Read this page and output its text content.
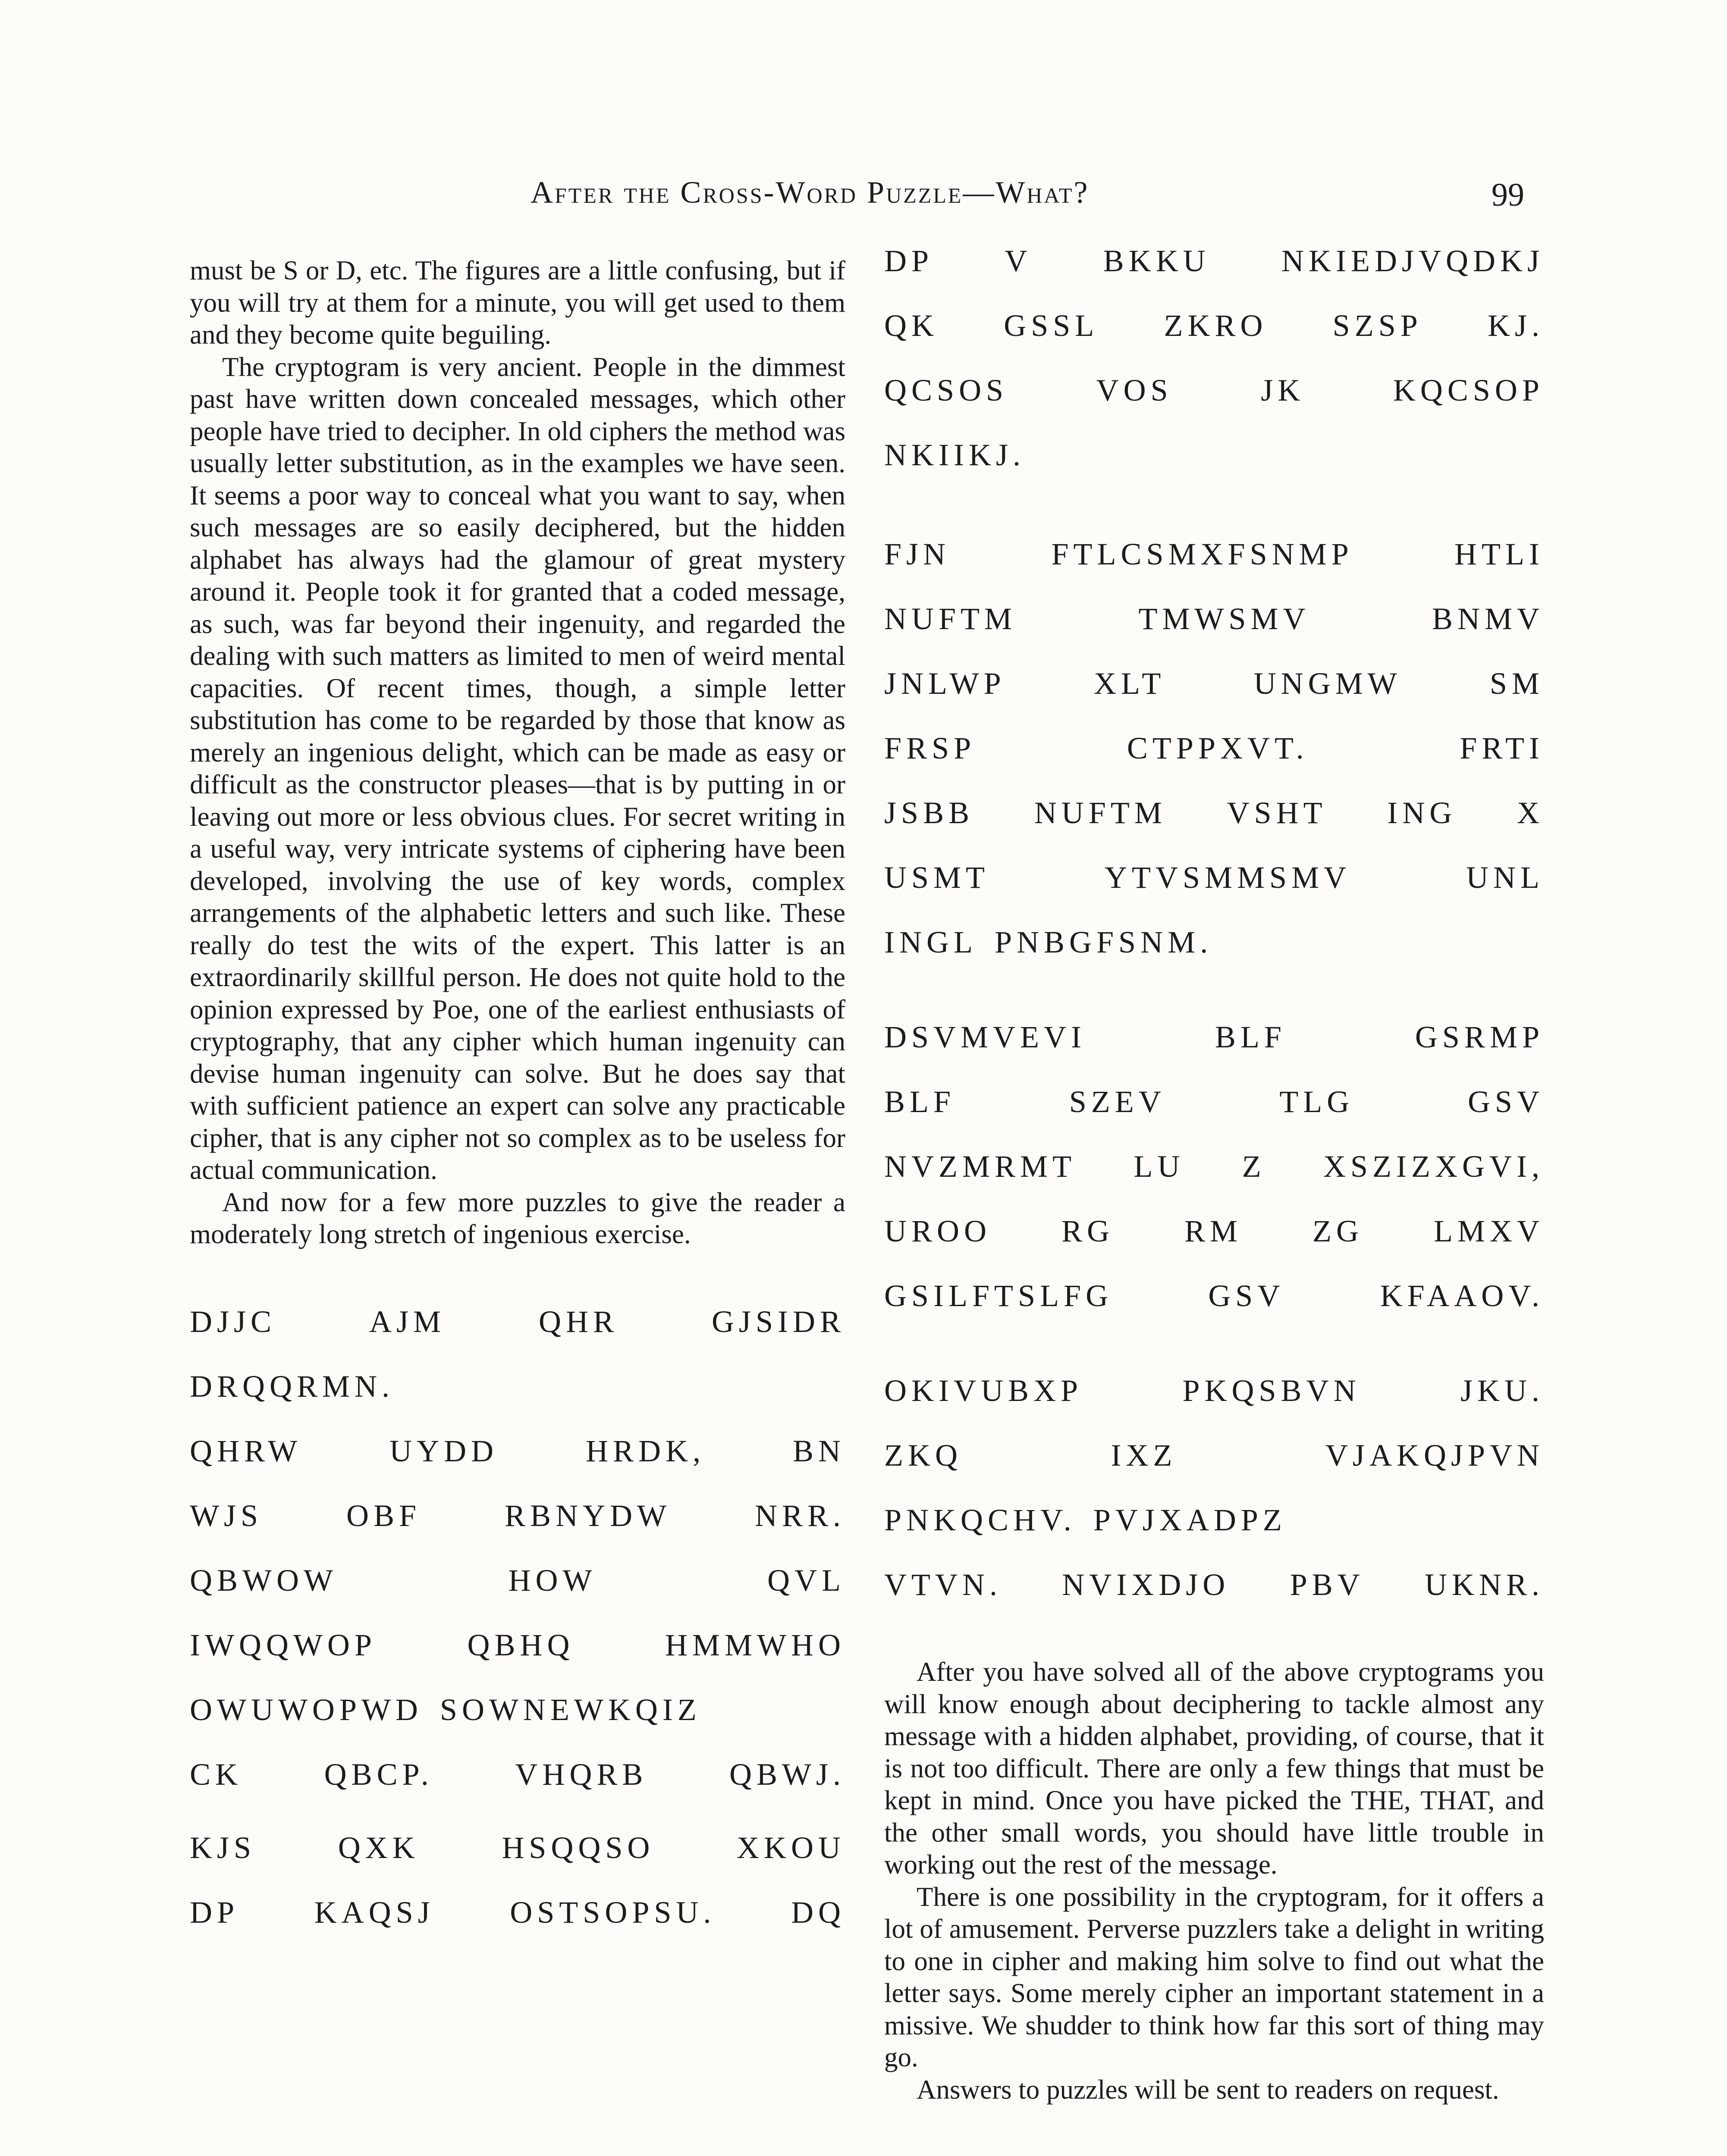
After the Cross-Word Puzzle—What?	99

must be S or D, etc. The figures are a little confusing, but if you will try at them for a minute, you will get used to them and they become quite beguiling.

The cryptogram is very ancient. People in the dimmest past have written down concealed messages, which other people have tried to decipher. In old ciphers the method was usually letter substitution, as in the examples we have seen. It seems a poor way to conceal what you want to say, when such messages are so easily deciphered, but the hidden alphabet has always had the glamour of great mystery around it. People took it for granted that a coded message, as such, was far beyond their ingenuity, and regarded the dealing with such matters as limited to men of weird mental capacities. Of recent times, though, a simple letter substitution has come to be regarded by those that know as merely an ingenious delight, which can be made as easy or difficult as the constructor pleases—that is by putting in or leaving out more or less obvious clues. For secret writing in a useful way, very intricate systems of ciphering have been developed, involving the use of key words, complex arrangements of the alphabetic letters and such like. These really do test the wits of the expert. This latter is an extraordinarily skillful person. He does not quite hold to the opinion expressed by Poe, one of the earliest enthusiasts of cryptography, that any cipher which human ingenuity can devise human ingenuity can solve. But he does say that with sufficient patience an expert can solve any practicable cipher, that is any cipher not so complex as to be useless for actual communication.

And now for a few more puzzles to give the reader a moderately long stretch of ingenious exercise.

DJJC	AJM	QHR	GJSIDR
DRQQRMN.
QHRW	UYDD	HRDK,	BN
WJS	OBF	RBNYDW	NRR.
QBWOW	HOW	QVL
IWQQWOP	QBHQ	HMMWHO
OWUWOPWD SOWNEWKQIZ
CK	QBCP.	VHQRB	QBWJ.
KJS	QXK	HSQQSO	XKOU
DP KAQSJ OSTSOPSU. DQ
DP V BKKU NKIEDJVQDKJ
QK GSSL ZKRO SZSP KJ.
QCSOS	VOS	JK	KQCSOP
NKIIKJ.
FJN	FTLCSMXFSNMP	HTLI
NUFTM	TMWSMV	BNMV
JNLWP	XLT	UNGMW	SM
FRSP	CTPPXVT.	FRTI
JSBB NUFTM VSHT ING X
USMT	YTVSMMSMV	UNL
INGL PNBGFSNM.
DSVMVEVI	BLF	GSRMP
BLF	SZEV	TLG	GSV
NVZMRMT LU Z XSZIZXGVI,
UROO RG RM ZG LMXV
GSILFTSLFG	GSV	KFAAOV.
OKIVUBXP	PKQSBVN	JKU.
ZKQ	IXZ	VJAKQJPVN
PNKQCHV. PVJXADPZ
VTVN. NVIXDJO PBV UKNR.

After you have solved all of the above cryptograms you will know enough about deciphering to tackle almost any message with a hidden alphabet, providing, of course, that it is not too difficult. There are only a few things that must be kept in mind. Once you have picked the THE, THAT, and the other small words, you should have little trouble in working out the rest of the message.

There is one possibility in the cryptogram, for it offers a lot of amusement. Perverse puzzlers take a delight in writing to one in cipher and making him solve to find out what the letter says. Some merely cipher an important statement in a missive. We shudder to think how far this sort of thing may go.

Answers to puzzles will be sent to readers on request.
